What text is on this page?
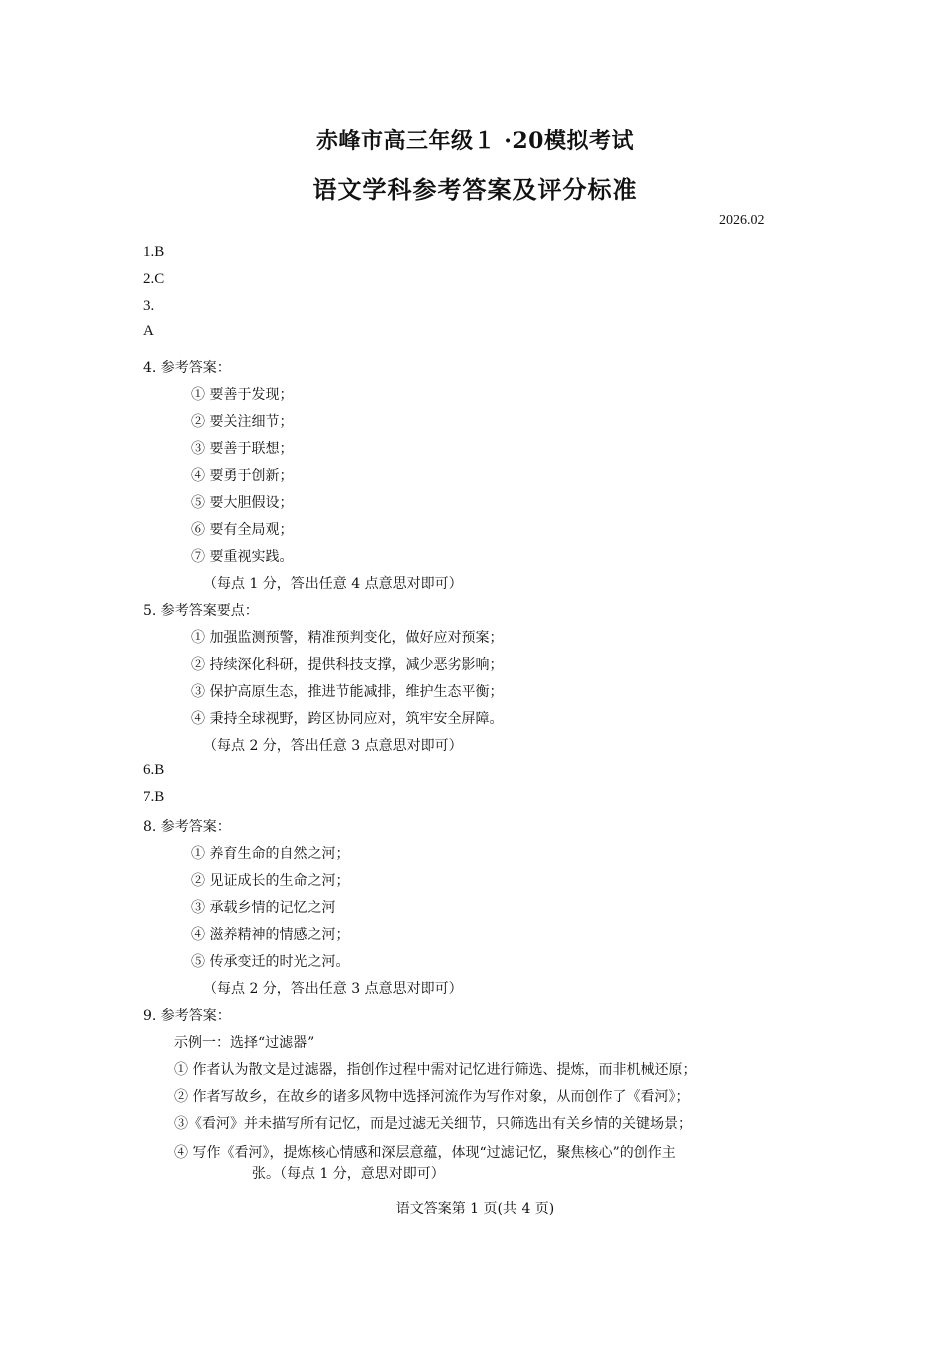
赤峰市高三年级１ ·20模拟考试
语文学科参考答案及评分标准
2026.02
1.B
2.C
3.
A
4. 参考答案：
① 要善于发现；
② 要关注细节；
③ 要善于联想；
④ 要勇于创新；
⑤ 要大胆假设；
⑥ 要有全局观；
⑦ 要重视实践。
（每点 1 分，答出任意 4 点意思对即可）
5. 参考答案要点：
① 加强监测预警，精准预判变化，做好应对预案；
② 持续深化科研，提供科技支撑，减少恶劣影响；
③ 保护高原生态，推进节能减排，维护生态平衡；
④ 秉持全球视野，跨区协同应对，筑牢安全屏障。
（每点 2 分，答出任意 3 点意思对即可）
6.B
7.B
8. 参考答案：
① 养育生命的自然之河；
② 见证成长的生命之河；
③ 承载乡情的记忆之河
④ 滋养精神的情感之河；
⑤ 传承变迁的时光之河。
（每点 2 分，答出任意 3 点意思对即可）
9. 参考答案：
示例一：选择“过滤器”
① 作者认为散文是过滤器，指创作过程中需对记忆进行筛选、提炼，而非机械还原；
② 作者写故乡，在故乡的诸多风物中选择河流作为写作对象，从而创作了《看河》；
③《看河》并未描写所有记忆，而是过滤无关细节，只筛选出有关乡情的关键场景；
④ 写作《看河》，提炼核心情感和深层意蕴，体现“过滤记忆，聚焦核心”的创作主
张。（每点 1 分，意思对即可）
语文答案第 1 页(共 4 页)
